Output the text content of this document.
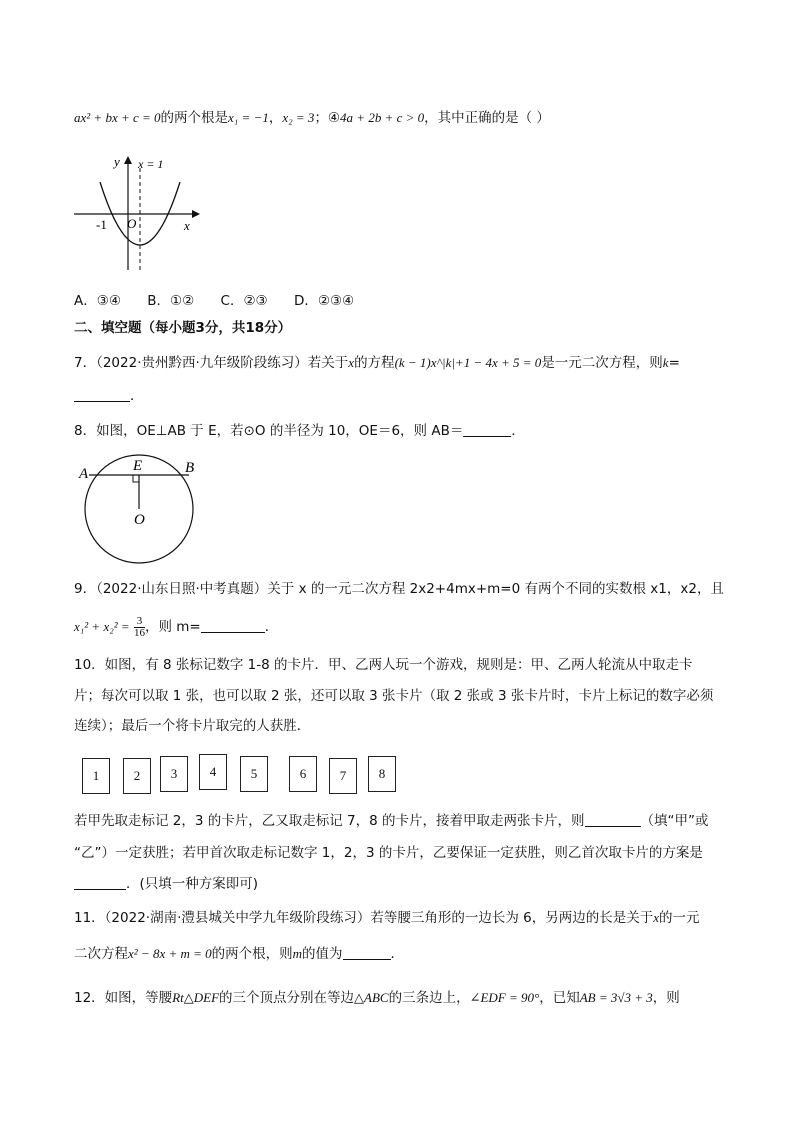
ax² + bx + c = 0的两个根是x₁ = −1，x₂ = 3；④4a + 2b + c > 0，其中正确的是（ ）
y
x
O
-1
x = 1
A．③④ B．①② C．②③ D．②③④
二、填空题（每小题3分，共18分）
7．（2022·贵州黔西·九年级阶段练习）若关于x的方程(k − 1)x^|k|+1 − 4x + 5 = 0是一元二次方程，则k=
．
8．如图，OE⊥AB 于 E，若⊙O 的半径为 10，OE＝6，则 AB＝	．
A	B
E
O
9．（2022·山东日照·中考真题）关于 x 的一元二次方程 2x2+4mx+m=0 有两个不同的实数根 x1，x2，且
$x_1^2 + x_2^2 = \frac{3}{16}$ ，则 m=	．
10．如图，有 8 张标记数字 1-8 的卡片．甲、乙两人玩一个游戏，规则是：甲、乙两人轮流从中取走卡
片；每次可以取 1 张，也可以取 2 张，还可以取 3 张卡片（取 2 张或 3 张卡片时，卡片上标记的数字必须
连续）；最后一个将卡片取完的人获胜．
1	2	3	4	5	6	7	8
若甲先取走标记 2，3 的卡片，乙又取走标记 7，8 的卡片，接着甲取走两张卡片，则	（填“甲”或
“乙”）一定获胜；若甲首次取走标记数字 1，2，3 的卡片，乙要保证一定获胜，则乙首次取卡片的方案是
．(只填一种方案即可)
11．（2022·湖南·澧县城关中学九年级阶段练习）若等腰三角形的一边长为 6，另两边的长是关于x的一元
二次方程x² − 8x + m = 0的两个根，则m的值为	．
12．如图，等腰Rt△DEF的三个顶点分别在等边△ABC的三条边上，∠EDF = 90°，已知AB = 3√3 + 3，则
